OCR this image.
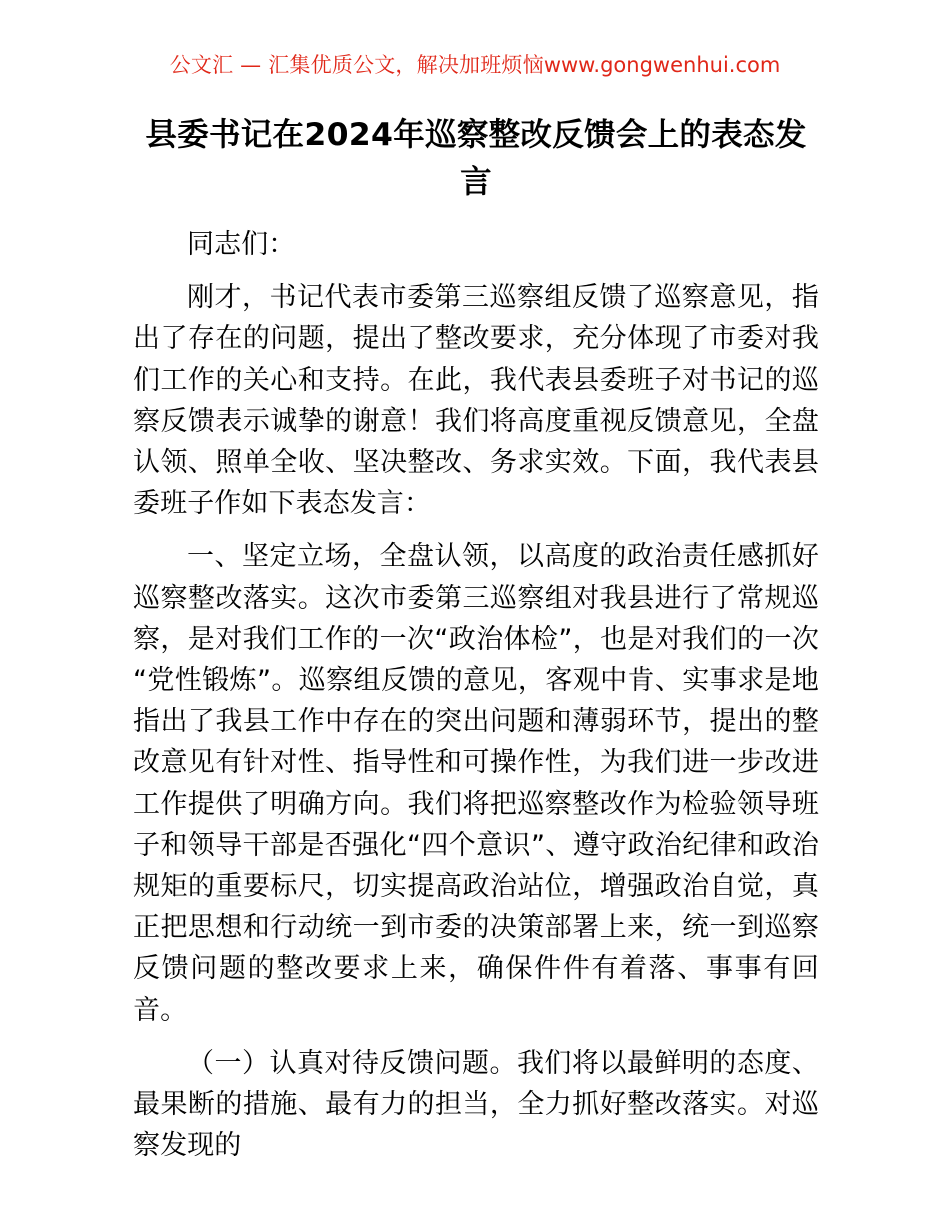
公文汇 — 汇集优质公文，解决加班烦恼www.gongwenhui.com
县委书记在2024年巡察整改反馈会上的表态发言

同志们：

刚才，书记代表市委第三巡察组反馈了巡察意见，指出了存在的问题，提出了整改要求，充分体现了市委对我们工作的关心和支持。在此，我代表县委班子对书记的巡察反馈表示诚挚的谢意！我们将高度重视反馈意见，全盘认领、照单全收、坚决整改、务求实效。下面，我代表县委班子作如下表态发言：

一、坚定立场，全盘认领，以高度的政治责任感抓好巡察整改落实。这次市委第三巡察组对我县进行了常规巡察，是对我们工作的一次“政治体检”，也是对我们的一次“党性锻炼”。巡察组反馈的意见，客观中肯、实事求是地指出了我县工作中存在的突出问题和薄弱环节，提出的整改意见有针对性、指导性和可操作性，为我们进一步改进工作提供了明确方向。我们将把巡察整改作为检验领导班子和领导干部是否强化“四个意识”、遵守政治纪律和政治规矩的重要标尺，切实提高政治站位，增强政治自觉，真正把思想和行动统一到市委的决策部署上来，统一到巡察反馈问题的整改要求上来，确保件件有着落、事事有回音。

（一）认真对待反馈问题。我们将以最鲜明的态度、最果断的措施、最有力的担当，全力抓好整改落实。对巡察发现的
